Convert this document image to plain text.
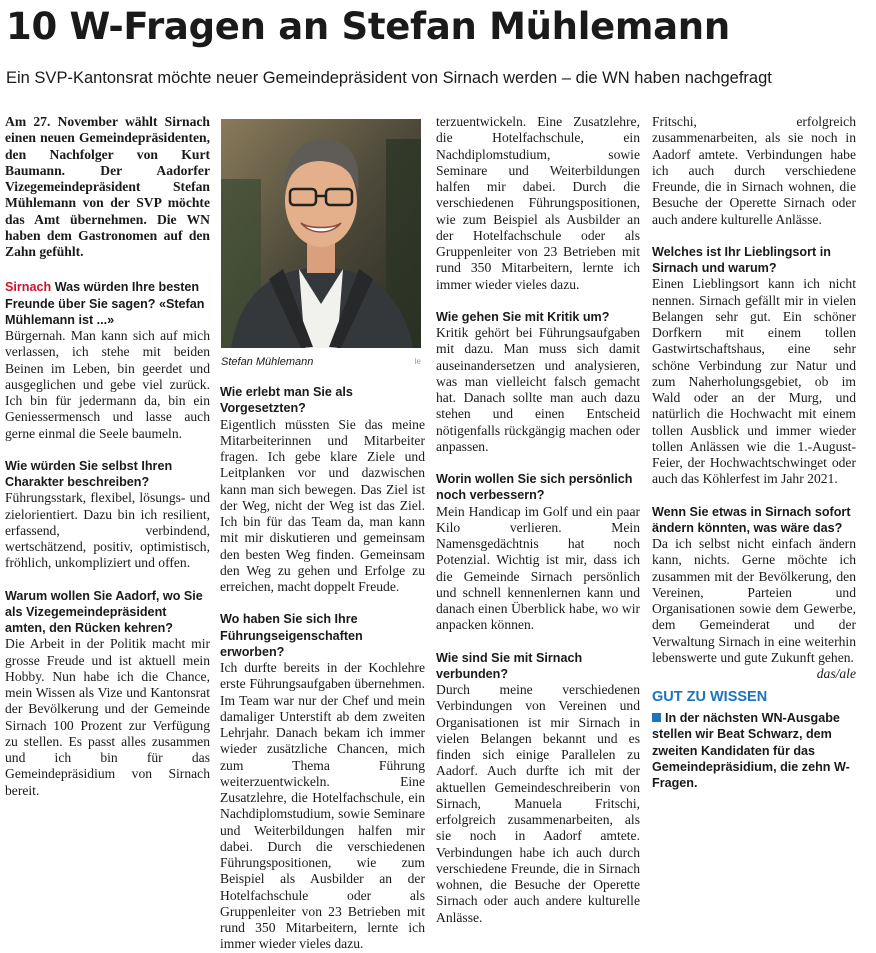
10 W-Fragen an Stefan Mühlemann
Ein SVP-Kantonsrat möchte neuer Gemeindepräsident von Sirnach werden – die WN haben nachgefragt

Am 27. November wählt Sirnach einen neuen Gemeindepräsidenten, den Nachfolger von Kurt Baumann. Der Aadorfer Vizegemeindepräsident Stefan Mühlemann von der SVP möchte das Amt übernehmen. Die WN haben dem Gastronomen auf den Zahn gefühlt.

Sirnach Was würden Ihre besten Freunde über Sie sagen? «Stefan Mühlemann ist ...»

Bürgernah. Man kann sich auf mich verlassen, ich stehe mit beiden Beinen im Leben, bin geerdet und ausgeglichen und gebe viel zurück. Ich bin für jedermann da, bin ein Geniessermensch und lasse auch gerne einmal die Seele baumeln.

Wie würden Sie selbst Ihren Charakter beschreiben?

Führungsstark, flexibel, lösungs- und zielorientiert. Dazu bin ich resilient, erfassend, verbindend, wertschätzend, positiv, optimistisch, fröhlich, unkompliziert und offen.

Warum wollen Sie Aadorf, wo Sie als Vizegemeindepräsident amten, den Rücken kehren?

Die Arbeit in der Politik macht mir grosse Freude und ist aktuell mein Hobby. Nun habe ich die Chance, mein Wissen als Vize und Kantonsrat der Bevölkerung und der Gemeinde Sirnach 100 Prozent zur Verfügung zu stellen. Es passt alles zusammen und ich bin für das Gemeindepräsidium von Sirnach bereit.

Stefan Mühlemann	le

Wie erlebt man Sie als Vorgesetzten?

Eigentlich müssten Sie das meine Mitarbeiterinnen und Mitarbeiter fragen. Ich gebe klare Ziele und Leitplanken vor und dazwischen kann man sich bewegen. Das Ziel ist der Weg, nicht der Weg ist das Ziel. Ich bin für das Team da, man kann mit mir diskutieren und gemeinsam den besten Weg finden. Gemeinsam den Weg zu gehen und Erfolge zu erreichen, macht doppelt Freude.

Wo haben Sie sich Ihre Führungseigenschaften erworben?

Ich durfte bereits in der Kochlehre erste Führungsaufgaben übernehmen. Im Team war nur der Chef und mein damaliger Unterstift ab dem zweiten Lehrjahr. Danach bekam ich immer wieder zusätzliche Chancen, mich zum Thema Führung weiterzuentwickeln. Eine Zusatzlehre, die Hotelfachschule, ein Nachdiplomstudium, sowie Seminare und Weiterbildungen halfen mir dabei. Durch die verschiedenen Führungspositionen, wie zum Beispiel als Ausbilder an der Hotelfachschule oder als Gruppenleiter von 23 Betrieben mit rund 350 Mitarbeitern, lernte ich immer wieder vieles dazu.

terzuentwickeln. Eine Zusatzlehre, die Hotelfachschule, ein Nachdiplomstudium, sowie Seminare und Weiterbildungen halfen mir dabei. Durch die verschiedenen Führungspositionen, wie zum Beispiel als Ausbilder an der Hotelfachschule oder als Gruppenleiter von 23 Betrieben mit rund 350 Mitarbeitern, lernte ich immer wieder vieles dazu.

Wie gehen Sie mit Kritik um?

Kritik gehört bei Führungsaufgaben mit dazu. Man muss sich damit auseinandersetzen und analysieren, was man vielleicht falsch gemacht hat. Danach sollte man auch dazu stehen und einen Entscheid nötigenfalls rückgängig machen oder anpassen.

Worin wollen Sie sich persönlich noch verbessern?

Mein Handicap im Golf und ein paar Kilo verlieren. Mein Namensgedächtnis hat noch Potenzial. Wichtig ist mir, dass ich die Gemeinde Sirnach persönlich und schnell kennenlernen kann und danach einen Überblick habe, wo wir anpacken können.

Wie sind Sie mit Sirnach verbunden?

Durch meine verschiedenen Verbindungen von Vereinen und Organisationen ist mir Sirnach in vielen Belangen bekannt und es finden sich einige Parallelen zu Aadorf. Auch durfte ich mit der aktuellen Gemeindeschreiberin von Sirnach, Manuela Fritschi, erfolgreich zusammenarbeiten, als sie noch in Aadorf amtete. Verbindungen habe ich auch durch verschiedene Freunde, die in Sirnach wohnen, die Besuche der Operette Sirnach oder auch andere kulturelle Anlässe.

Fritschi, erfolgreich zusammenarbeiten, als sie noch in Aadorf amtete. Verbindungen habe ich auch durch verschiedene Freunde, die in Sirnach wohnen, die Besuche der Operette Sirnach oder auch andere kulturelle Anlässe.

Welches ist Ihr Lieblingsort in Sirnach und warum?

Einen Lieblingsort kann ich nicht nennen. Sirnach gefällt mir in vielen Belangen sehr gut. Ein schöner Dorfkern mit einem tollen Gastwirtschaftshaus, eine sehr schöne Verbindung zur Natur und zum Naherholungsgebiet, ob im Wald oder an der Murg, und natürlich die Hochwacht mit einem tollen Ausblick und immer wieder tollen Anlässen wie die 1.-August-Feier, der Hochwachtschwinget oder auch das Köhlerfest im Jahr 2021.

Wenn Sie etwas in Sirnach sofort ändern könnten, was wäre das?

Da ich selbst nicht einfach ändern kann, nichts. Gerne möchte ich zusammen mit der Bevölkerung, den Vereinen, Parteien und Organisationen sowie dem Gewerbe, dem Gemeinderat und der Verwaltung Sirnach in eine weiterhin lebenswerte und gute Zukunft gehen.
das/ale

GUT ZU WISSEN
In der nächsten WN-Ausgabe stellen wir Beat Schwarz, dem zweiten Kandidaten für das Gemeindepräsidium, die zehn W-Fragen.
